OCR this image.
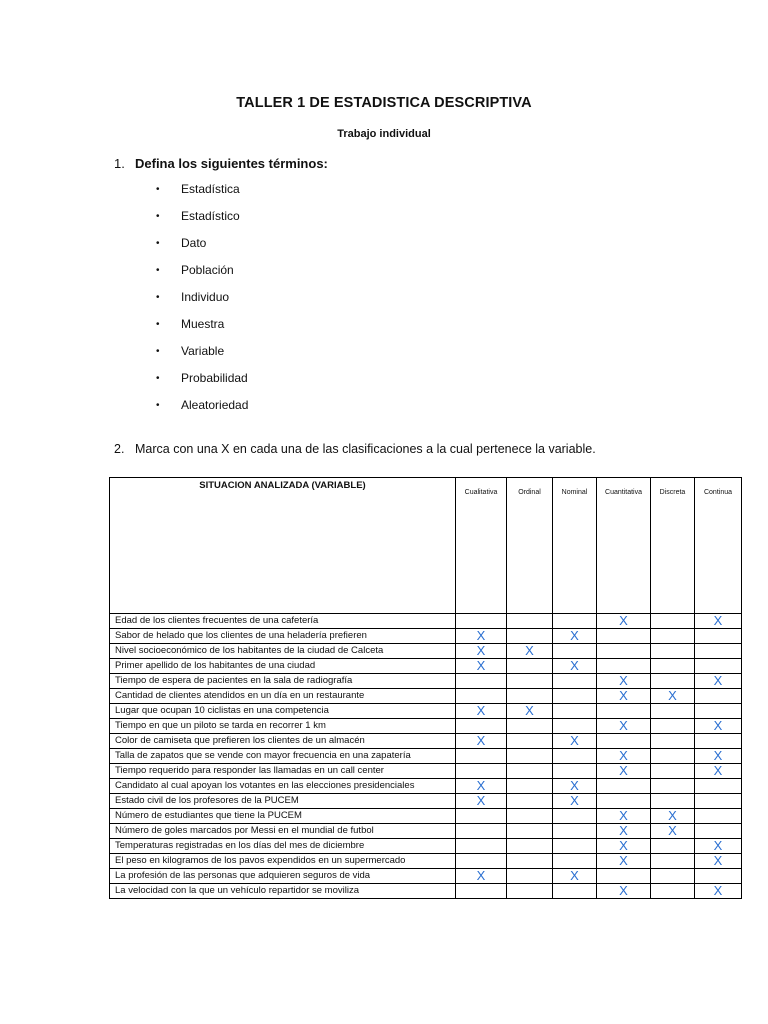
TALLER 1 DE ESTADISTICA DESCRIPTIVA
Trabajo individual
1. Defina los siguientes términos:
• Estadística
• Estadístico
• Dato
• Población
• Individuo
• Muestra
• Variable
• Probabilidad
• Aleatoriedad
2. Marca con una X en cada una de las clasificaciones a la cual pertenece la variable.
SITUACION ANALIZADA (VARIABLE)	Cualitativa	Ordinal	Nominal	Cuantitativa	Discreta	Continua
Edad de los clientes frecuentes de una cafetería				X		X
Sabor de helado que los clientes de una heladería prefieren	X		X			
Nivel socioeconómico de los habitantes de la ciudad de Calceta	X	X				
Primer apellido de los habitantes de una ciudad	X		X			
Tiempo de espera de pacientes en la sala de radiografía				X		X
Cantidad de clientes atendidos en un día en un restaurante				X	X	
Lugar que ocupan 10 ciclistas en una competencia	X	X				
Tiempo en que un piloto se tarda en recorrer 1 km				X		X
Color de camiseta que prefieren los clientes de un almacén	X		X			
Talla de zapatos que se vende con mayor frecuencia en una zapatería				X		X
Tiempo requerido para responder las llamadas en un call center				X		X
Candidato al cual apoyan los votantes en las elecciones presidenciales	X		X			
Estado civil de los profesores de la PUCEM	X		X			
Número de estudiantes que tiene la PUCEM				X	X	
Número de goles marcados por Messi en el mundial de futbol				X	X	
Temperaturas registradas en los días del mes de diciembre				X		X
El peso en kilogramos de los pavos expendidos en un supermercado				X		X
La profesión de las personas que adquieren seguros de vida	X		X			
La velocidad con la que un vehículo repartidor se moviliza				X		X
